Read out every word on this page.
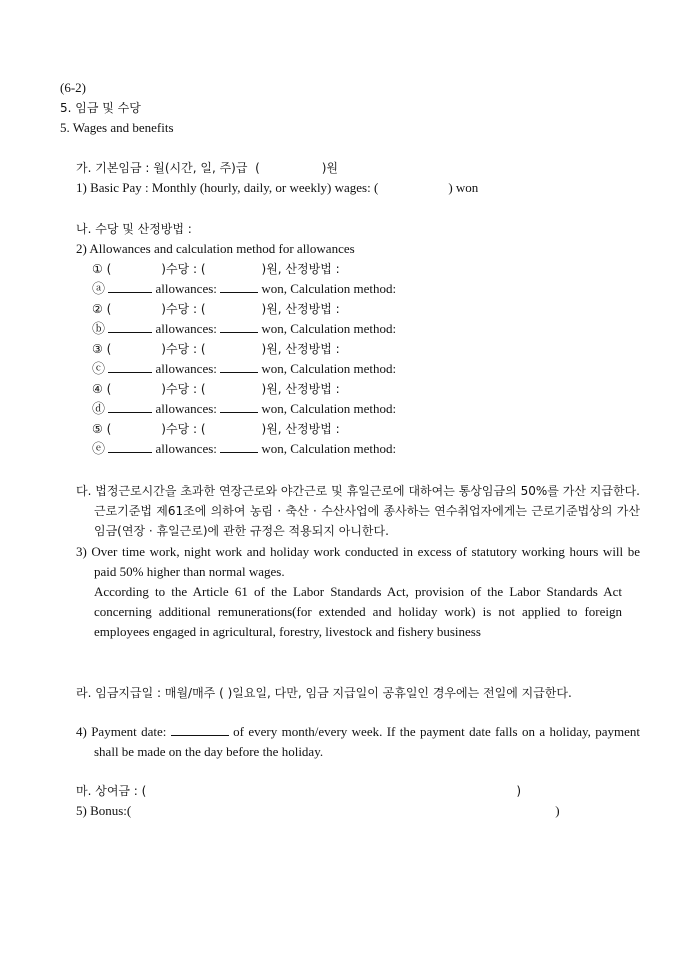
(6-2)
5. 임금 및 수당
5. Wages and benefits
가. 기본임금 : 월(시간, 일, 주)급  (	)원
1) Basic Pay : Monthly (hourly, daily, or weekly) wages: (	) won
나. 수당 및 산정방법 :
2) Allowances and calculation method for allowances
① (	)수당 : (	)원, 산정방법 :
ⓐ	allowances:	won, Calculation method:
② (	)수당 : (	)원, 산정방법 :
ⓑ	allowances:	won, Calculation method:
③ (	)수당 : (	)원, 산정방법 :
ⓒ	allowances:	won, Calculation method:
④ (	)수당 : (	)원, 산정방법 :
ⓓ	allowances:	won, Calculation method:
⑤ (	)수당 : (	)원, 산정방법 :
ⓔ	allowances:	won, Calculation method:
다. 법정근로시간을 초과한 연장근로와 야간근로 및 휴일근로에 대하여는 통상임금의 50%를 가산 지급한다. 근로기준법 제61조에 의하여 농림 · 축산 · 수산사업에 종사하는 연수취업자에게는 근로기준법상의 가산임금(연장 · 휴일근로)에 관한 규정은 적용되지 아니한다.
3) Over time work, night work and holiday work conducted in excess of statutory working hours will be paid 50% higher than normal wages.
According to the Article 61 of the Labor Standards Act, provision of the Labor Standards Act concerning additional remunerations(for extended and holiday work) is not applied to foreign employees engaged in agricultural, forestry, livestock and fishery business
라. 임금지급일 : 매월/매주 ( )일요일, 다만, 임금 지급일이 공휴일인 경우에는 전일에 지급한다.
4) Payment date:	of every month/every week. If the payment date falls on a holiday, payment shall be made on the day before the holiday.
마. 상여금 : (	)
5) Bonus:(	)
